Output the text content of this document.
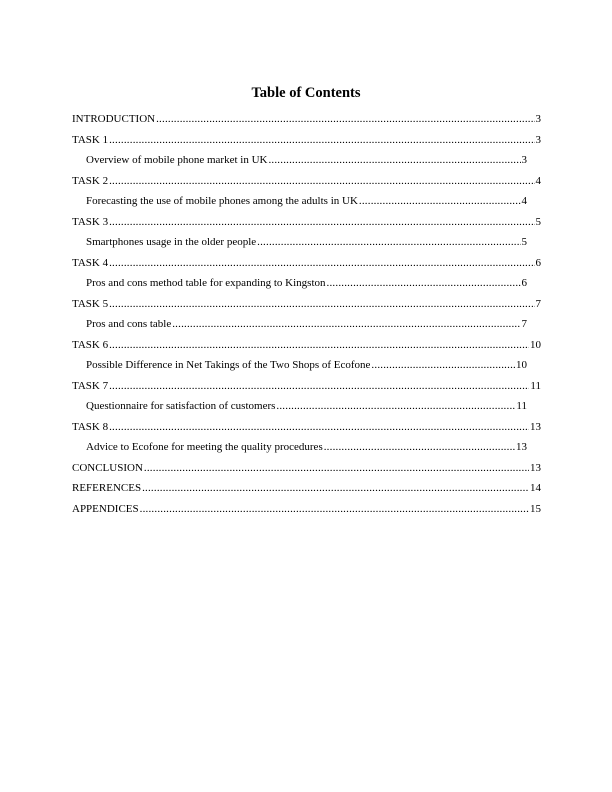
Table of Contents
INTRODUCTION .....	3
TASK 1 .....	3
Overview of mobile phone market in UK .....	3
TASK 2 .....	4
Forecasting the use of mobile phones among the adults in UK .....	4
TASK 3 .....	5
Smartphones usage in the older people .....	5
TASK 4 .....	6
Pros and cons method table for expanding to Kingston .....	6
TASK 5 .....	7
Pros and cons table .....	7
TASK 6 .....	10
Possible Difference in Net Takings of the Two Shops of Ecofone .....	10
TASK 7 .....	11
Questionnaire for satisfaction of customers .....	11
TASK 8 .....	13
Advice to Ecofone for meeting the quality procedures .....	13
CONCLUSION .....	13
REFERENCES .....	14
APPENDICES .....	15
